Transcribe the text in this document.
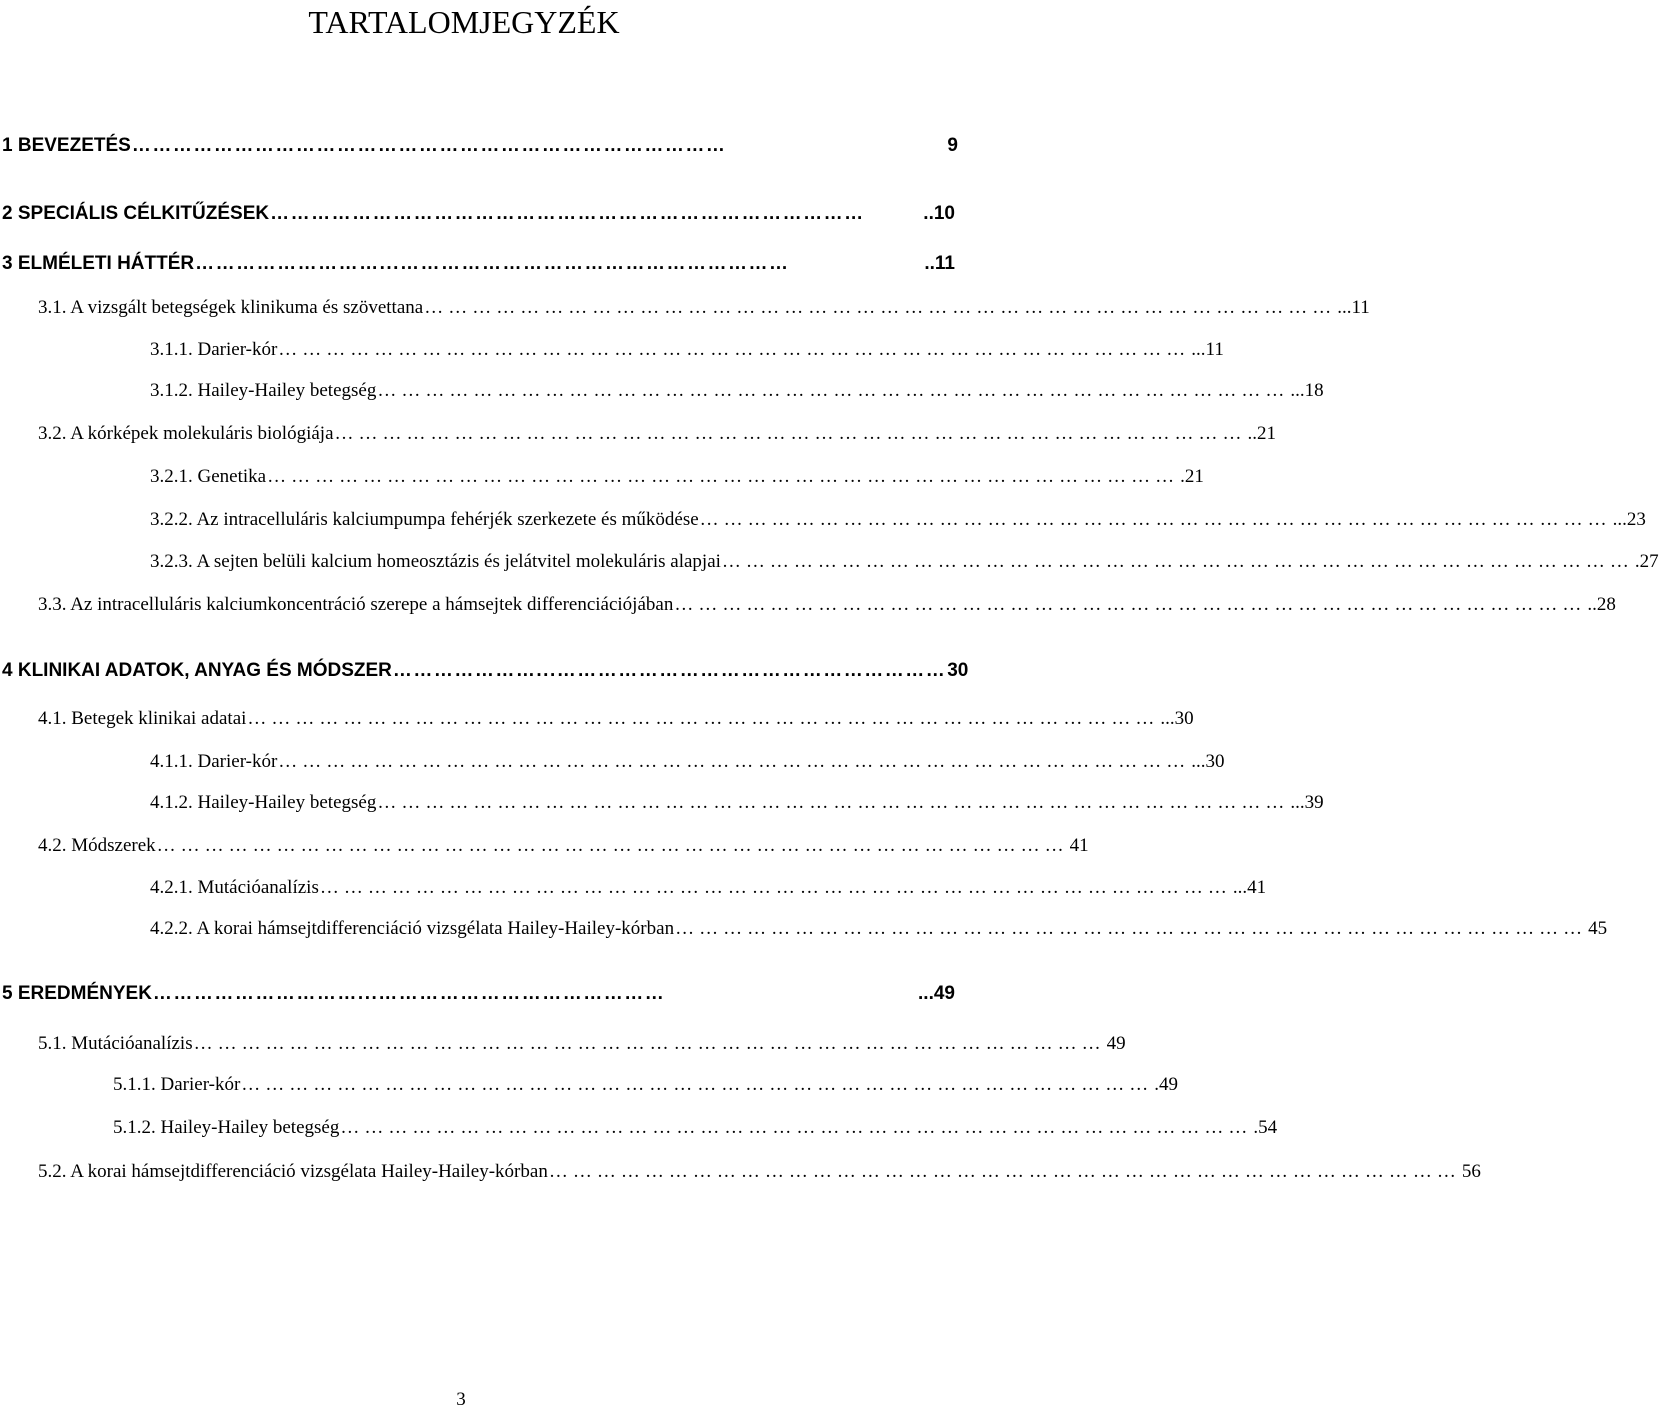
TARTALOMJEGYZÉK
1 BEVEZETÉS ……………………………………………………………………………	9
2 SPECIÁLIS CÉLKITŰZÉSEK ……………………………………………………………………………	..10
3 ELMÉLETI HÁTTÉR ………………………...…………………………………………………	..11
3.1. A vizsgált betegségek klinikuma és szövettana …………………………………………………………………………………………………… ...11
3.1.1. Darier-kór …………………………………………………………………………………………………… ...11
3.1.2. Hailey-Hailey betegség …………………………………………………………………………………………………… ...18
3.2. A kórképek molekuláris biológiája …………………………………………………………………………………………………… ..21
3.2.1. Genetika …………………………………………………………………………………………………… .21
3.2.2. Az intracelluláris kalciumpumpa fehérjék szerkezete és működése …………………………………………………………………………………………………… ...23
3.2.3. A sejten belüli kalcium homeosztázis és jelátvitel molekuláris alapjai …………………………………………………………………………………………………… .27
3.3. Az intracelluláris kalciumkoncentráció szerepe a hámsejtek differenciációjában …………………………………………………………………………………………………… ..28
4 KLINIKAI ADATOK, ANYAG ÉS MÓDSZER …………………...………………………………………………… 30
4.1. Betegek klinikai adatai …………………………………………………………………………………………………… ...30
4.1.1. Darier-kór …………………………………………………………………………………………………… ...30
4.1.2. Hailey-Hailey betegség …………………………………………………………………………………………………… ...39
4.2. Módszerek …………………………………………………………………………………………………… 41
4.2.1. Mutációanalízis …………………………………………………………………………………………………… ...41
4.2.2. A korai hámsejtdifferenciáció vizsgélata Hailey-Hailey-kórban …………………………………………………………………………………………………… 45
5 EREDMÉNYEK …………………………...……………………………………	...49
5.1. Mutációanalízis …………………………………………………………………………………………………… 49
5.1.1. Darier-kór …………………………………………………………………………………………………… .49
5.1.2. Hailey-Hailey betegség …………………………………………………………………………………………………… .54
5.2. A korai hámsejtdifferenciáció vizsgélata Hailey-Hailey-kórban …………………………………………………………………………………………………… 56
3
